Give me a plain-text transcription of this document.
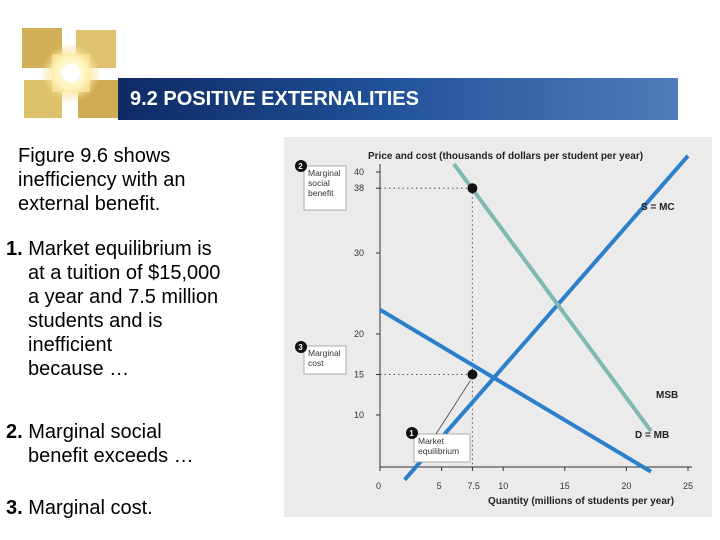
9.2 POSITIVE EXTERNALITIES
Figure 9.6 shows
inefficiency with an
external benefit.
1. Market equilibrium is
at a tuition of $15,000
a year and 7.5 million
students and is
inefficient
because …
2. Marginal social
benefit exceeds …
3. Marginal cost.
10
15
20
30
38
40
0	5	7.5 10	15	20	25
S = MC
MSB
D = MB
2
Marginal
social
benefit
3
Marginal
cost
1
Market
equilibrium
Price and cost (thousands of dollars per student per year)
Quantity (millions of students per year)
